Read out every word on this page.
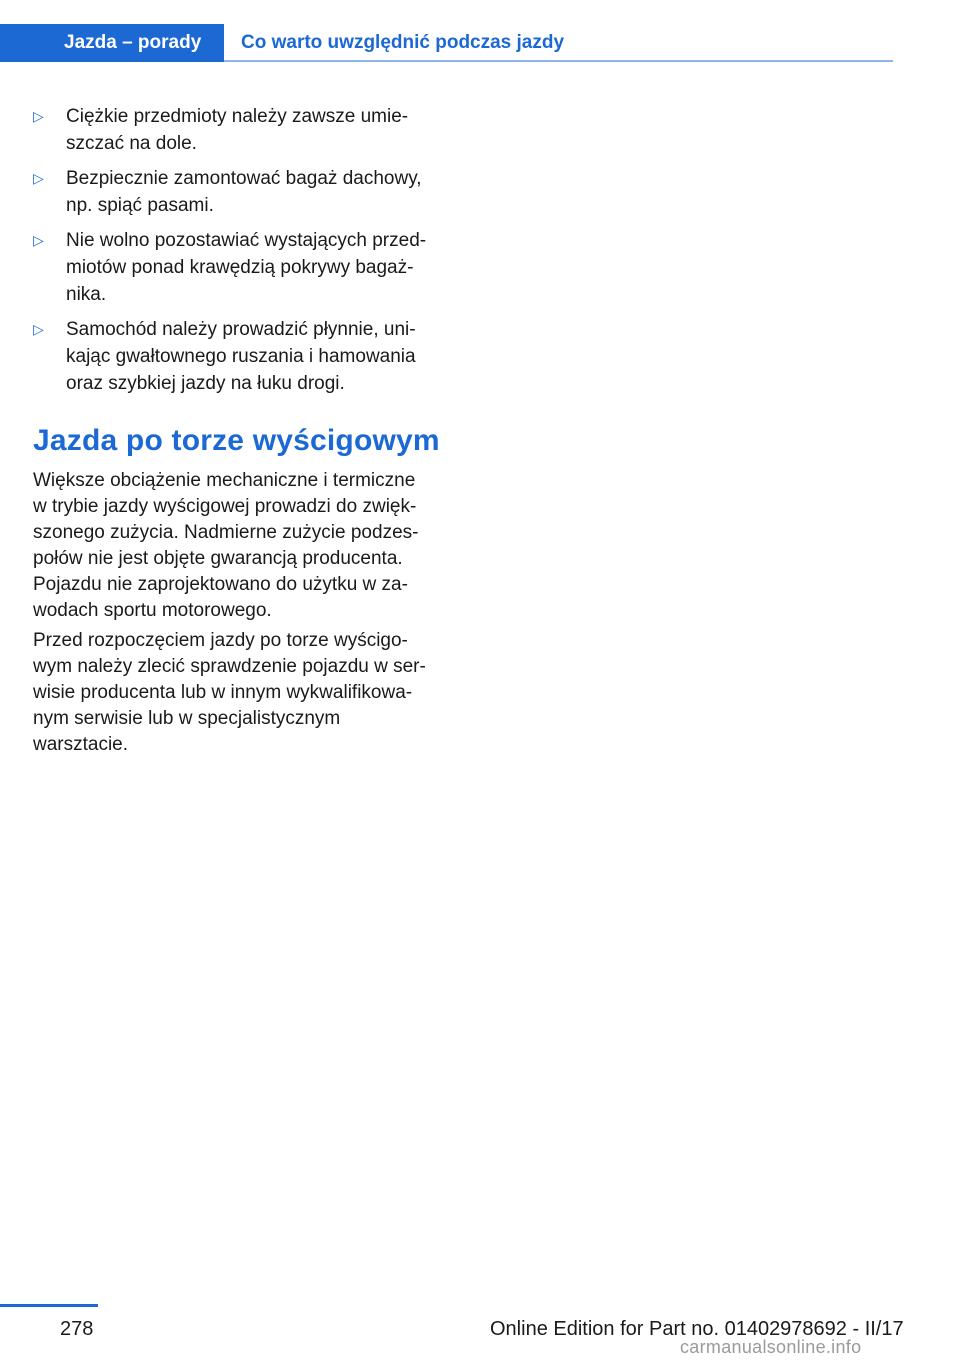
Jazda – porady	Co warto uwzględnić podczas jazdy
▷ Ciężkie przedmioty należy zawsze umie-
szczać na dole.
▷ Bezpiecznie zamontować bagaż dachowy,
np. spiąć pasami.
▷ Nie wolno pozostawiać wystających przed-
miotów ponad krawędzią pokrywy bagaż-
nika.
▷ Samochód należy prowadzić płynnie, uni-
kając gwałtownego ruszania i hamowania
oraz szybkiej jazdy na łuku drogi.
Jazda po torze wyścigowym

Większe obciążenie mechaniczne i termiczne
w trybie jazdy wyścigowej prowadzi do zwięk-
szonego zużycia. Nadmierne zużycie podzes-
połów nie jest objęte gwarancją producenta.
Pojazdu nie zaprojektowano do użytku w za-
wodach sportu motorowego.

Przed rozpoczęciem jazdy po torze wyścigo-
wym należy zlecić sprawdzenie pojazdu w ser-
wisie producenta lub w innym wykwalifikowa-
nym serwisie lub w specjalistycznym
warsztacie.

278	Online Edition for Part no. 01402978692 - II/17
carmanualsonline.info
